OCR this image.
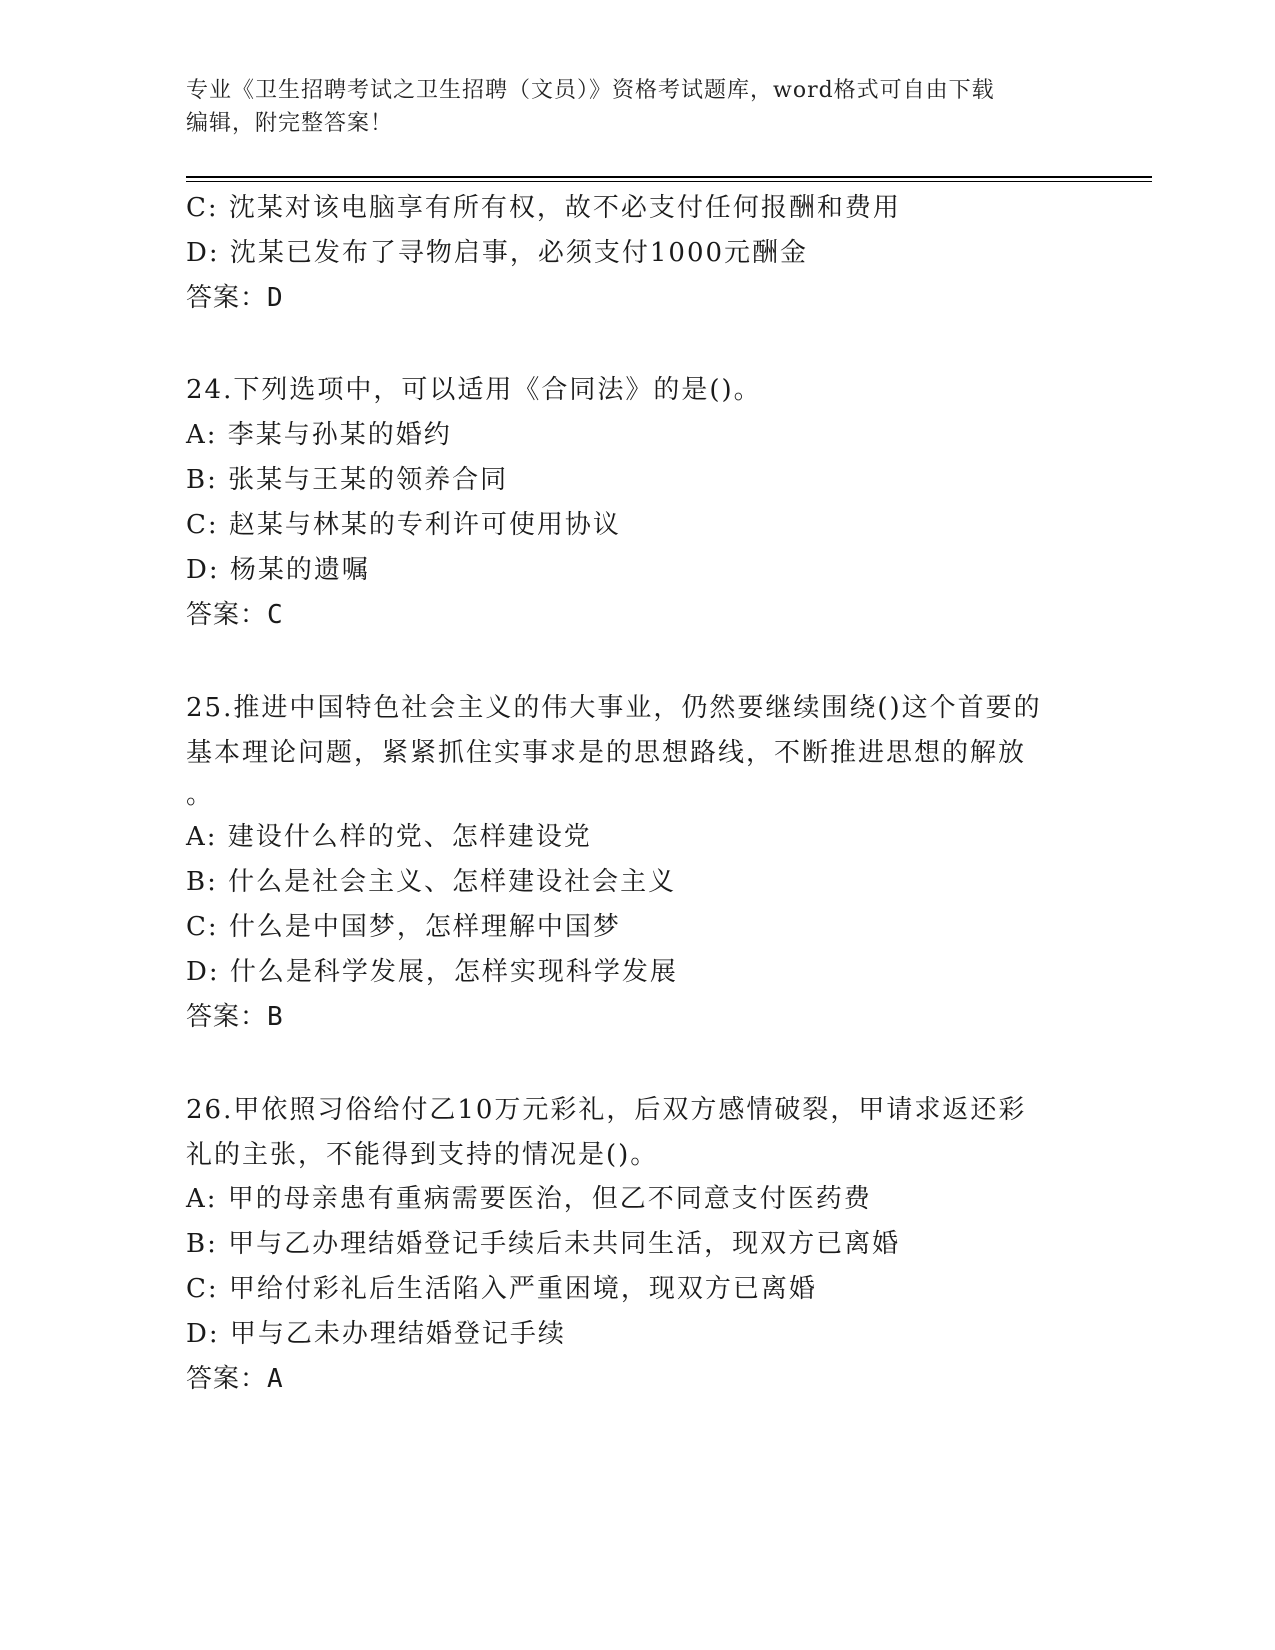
专业《卫生招聘考试之卫生招聘（文员）》资格考试题库，word格式可自由下载
编辑，附完整答案！
C: 沈某对该电脑享有所有权，故不必支付任何报酬和费用
D: 沈某已发布了寻物启事，必须支付1000元酬金
答案：D
24.下列选项中，可以适用《合同法》的是()。
A: 李某与孙某的婚约
B: 张某与王某的领养合同
C: 赵某与林某的专利许可使用协议
D: 杨某的遗嘱
答案：C
25.推进中国特色社会主义的伟大事业，仍然要继续围绕()这个首要的
基本理论问题，紧紧抓住实事求是的思想路线，不断推进思想的解放
。
A: 建设什么样的党、怎样建设党
B: 什么是社会主义、怎样建设社会主义
C: 什么是中国梦，怎样理解中国梦
D: 什么是科学发展，怎样实现科学发展
答案：B
26.甲依照习俗给付乙10万元彩礼，后双方感情破裂，甲请求返还彩
礼的主张，不能得到支持的情况是()。
A: 甲的母亲患有重病需要医治，但乙不同意支付医药费
B: 甲与乙办理结婚登记手续后未共同生活，现双方已离婚
C: 甲给付彩礼后生活陷入严重困境，现双方已离婚
D: 甲与乙未办理结婚登记手续
答案：A
